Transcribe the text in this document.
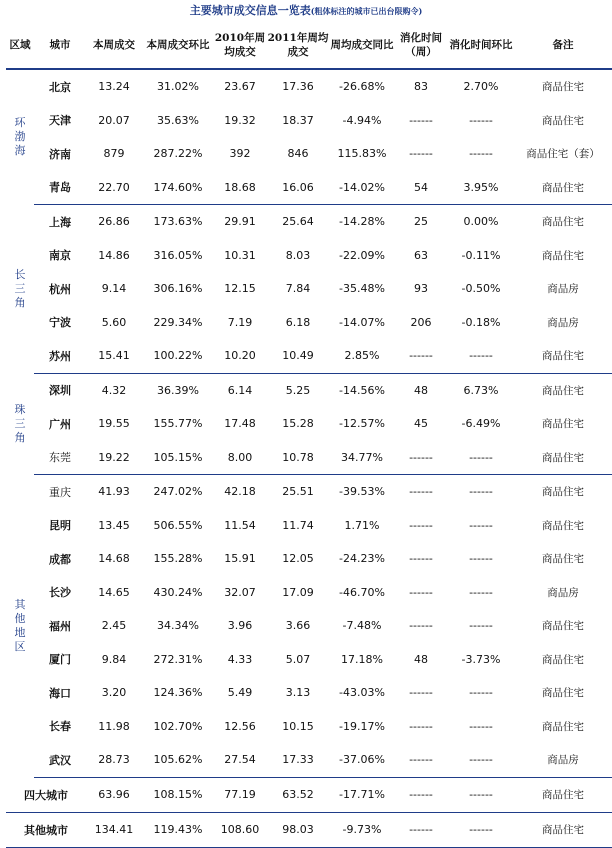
主要城市成交信息一览表(粗体标注的城市已出台限购令)
区域	城市	本周成交	本周成交环比	2010年周均成交	2011年周均成交	周均成交同比	消化时间（周）	消化时间环比	备注
环渤海	北京	13.24	31.02%	23.67	17.36	-26.68%	83	2.70%	商品住宅
	天津	20.07	35.63%	19.32	18.37	-4.94%	------	------	商品住宅
	济南	879	287.22%	392	846	115.83%	------	------	商品住宅（套）
	青岛	22.70	174.60%	18.68	16.06	-14.02%	54	3.95%	商品住宅
长三角	上海	26.86	173.63%	29.91	25.64	-14.28%	25	0.00%	商品住宅
	南京	14.86	316.05%	10.31	8.03	-22.09%	63	-0.11%	商品住宅
	杭州	9.14	306.16%	12.15	7.84	-35.48%	93	-0.50%	商品房
	宁波	5.60	229.34%	7.19	6.18	-14.07%	206	-0.18%	商品房
	苏州	15.41	100.22%	10.20	10.49	2.85%	------	------	商品住宅
珠三角	深圳	4.32	36.39%	6.14	5.25	-14.56%	48	6.73%	商品住宅
	广州	19.55	155.77%	17.48	15.28	-12.57%	45	-6.49%	商品住宅
	东莞	19.22	105.15%	8.00	10.78	34.77%	------	------	商品住宅
其他地区	重庆	41.93	247.02%	42.18	25.51	-39.53%	------	------	商品住宅
	昆明	13.45	506.55%	11.54	11.74	1.71%	------	------	商品住宅
	成都	14.68	155.28%	15.91	12.05	-24.23%	------	------	商品住宅
	长沙	14.65	430.24%	32.07	17.09	-46.70%	------	------	商品房
	福州	2.45	34.34%	3.96	3.66	-7.48%	------	------	商品住宅
	厦门	9.84	272.31%	4.33	5.07	17.18%	48	-3.73%	商品住宅
	海口	3.20	124.36%	5.49	3.13	-43.03%	------	------	商品住宅
	长春	11.98	102.70%	12.56	10.15	-19.17%	------	------	商品住宅
	武汉	28.73	105.62%	27.54	17.33	-37.06%	------	------	商品房
四大城市		63.96	108.15%	77.19	63.52	-17.71%	------	------	商品住宅
其他城市		134.41	119.43%	108.60	98.03	-9.73%	------	------	商品住宅
